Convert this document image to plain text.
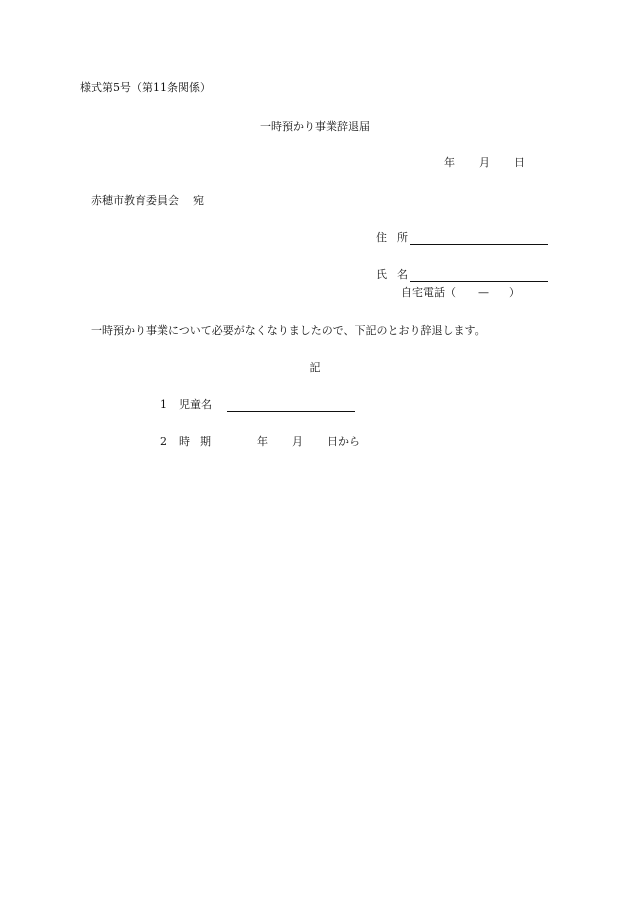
様式第5号（第11条関係）
一時預かり事業辞退届
年 月 日
赤穂市教育委員会 宛
住 所
氏 名
自宅電話（ — ）
一時預かり事業について必要がなくなりましたので、下記のとおり辞退します。
記
1 児童名
2 時 期	年 月 日から
